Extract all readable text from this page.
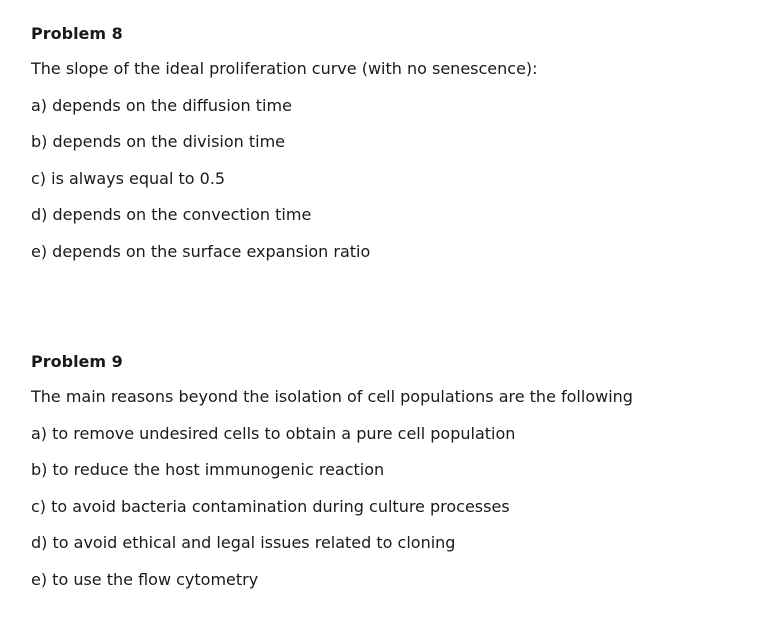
Problem 8
The slope of the ideal proliferation curve (with no senescence):
a) depends on the diffusion time
b) depends on the division time
c) is always equal to 0.5
d) depends on the convection time
e) depends on the surface expansion ratio
Problem 9
The main reasons beyond the isolation of cell populations are the following
a) to remove undesired cells to obtain a pure cell population
b) to reduce the host immunogenic reaction
c) to avoid bacteria contamination during culture processes
d) to avoid ethical and legal issues related to cloning
e) to use the flow cytometry
